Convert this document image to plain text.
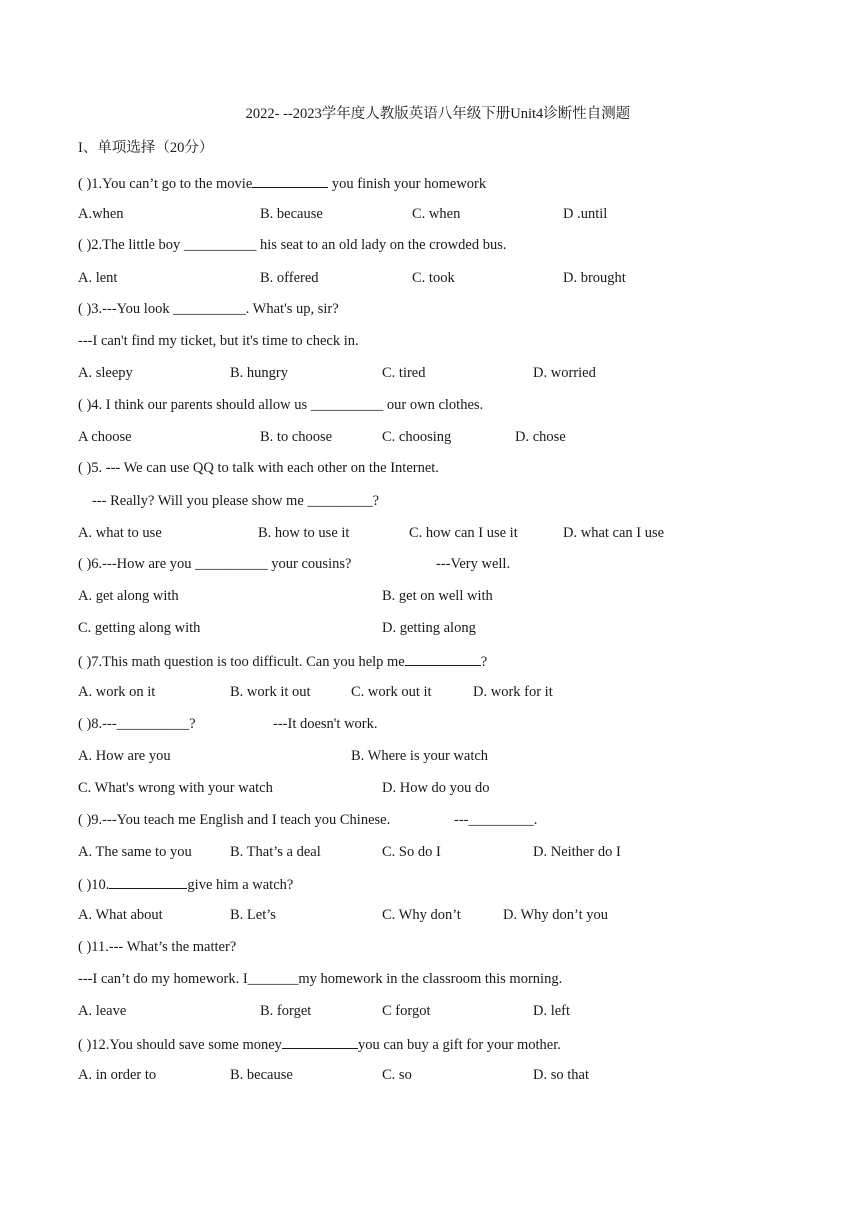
2022- --2023学年度人教版英语八年级下册Unit4诊断性自测题
I、单项选择（20分）
( )1.You can’t go to the movie	you finish your homework
A.when	B. because	C. when	D .until
( )2.The little boy __________ his seat to an old lady on the crowded bus.
A. lent	B. offered	C. took	D. brought
( )3.---You look __________. What's up, sir?
---I can't find my ticket, but it's time to check in.
A. sleepy	B. hungry	C. tired	D. worried
( )4. I think our parents should allow us __________ our own clothes.
A choose	B. to choose	C. choosing	D. chose
( )5. --- We can use QQ to talk with each other on the Internet.
--- Really? Will you please show me _________?
A. what to use	B. how to use it	C. how can I use it	D. what can I use
( )6.---How are you __________ your cousins?	---Very well.
A. get along with	B. get on well with
C. getting along with	D. getting along
( )7.This math question is too difficult. Can you help me	?
A. work on it	B. work it out	C. work out it	D. work for it
( )8.---__________?	---It doesn't work.
A. How are you	B. Where is your watch
C. What's wrong with your watch	D. How do you do
( )9.---You teach me English and I teach you Chinese.	---_________.
A. The same to you	B. That’s a deal	C. So do I	D. Neither do I
( )10.	give him a watch?
A. What about	B. Let’s	C. Why don’t	D. Why don’t you
( )11.--- What’s the matter?
---I can’t do my homework. I_______my homework in the classroom this morning.
A. leave	B. forget	C forgot	D. left
( )12.You should save some money	you can buy a gift for your mother.
A. in order to	B. because	C. so	D. so that
